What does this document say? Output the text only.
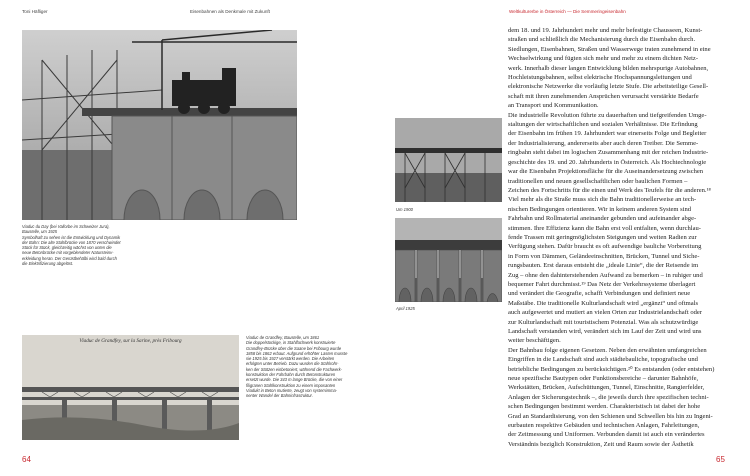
Toni Häfliger	Eisenbahnen als Denkmale mit Zukunft	Weltkulturerbe in Österreich — Die Semmeringeisenbahn
Viaduc du Day (bei Vallorbe im Schweizer Jura),
Baustelle, um 1925
Symbolhaft zu sehen ist die Entwicklung und Dynamik
der Bahn: Die alte Stahlbrücke von 1870 verschwindet
Stück für Stück, gleichzeitig wächst von unten die
neue Betonbrücke mit vorgeblendeter Natursteinv-
erkleidung heran. Der Gerüstbehälbi wird bald durch
die Elektrifizierung abgelöst.
Viaduc de Grandfey, sur la Sarine, près Fribourg
Viaduc de Grandfey, Baustelle, um 1861
Die doppelstockige, in Stahlfachwerk konstruierte
Grandfey-Brücke über die Saane bei Fribourg wurde
1858 bis 1862 erbaut. Aufgrund erhöhter Lasten musste
sie 1925 bis 1927 verstärkt werden. Die Arbeiten
erfolgten unter Betrieb. Dazu wurden die Stahlrohr-
ken der Stützen einbetoniert, während die Fachwerk-
konstruktion der Fahrbahn durch Betonstrukturen
ersetzt wurde. Die 343 m lange Brücke, die von einer
filigranen Stahlkonstruktion zu einem imposanten
Viadukt in Beton mutierte, zeugt von systemimma-
nenter Wandel der Bahninfrastruktur.
Um 1900
April 1925
dem 18. und 19. Jahrhundert mehr und mehr befestigte Chausseen, Kunst-
straßen und schließlich die Mechanisierung durch die Eisenbahn durch.
Siedlungen, Eisenbahnen, Straßen und Wasserwege traten zunehmend in eine
Wechselwirkung und fügten sich mehr und mehr zu einem dichten Netz-
werk. Innerhalb dieser langen Entwicklung bilden mehrspurige Autobahnen,
Hochleistungsbahnen, selbst elektrische Hochspannungsleitungen und
elektronische Netzwerke die vorläufig letzte Stufe. Die arbeitsteilige Gesell-
schaft mit ihren zunehmenden Ansprüchen verursacht verstärkte Bedarfe
an Transport und Kommunikation.
Die industrielle Revolution führte zu dauerhaften und tiefgreifenden Umge-
staltungen der wirtschaftlichen und sozialen Verhältnisse. Die Erfindung
der Eisenbahn im frühen 19. Jahrhundert war einerseits Folge und Begleiter
der Industrialisierung, andererseits aber auch deren Treiber. Die Semme-
ringbahn steht dabei im logischen Zusammenhang mit der reichen Industrie-
geschichte des 19. und 20. Jahrhunderts in Österreich. Als Hochtechnologie
war die Eisenbahn Projektionsfläche für die Auseinandersetzung zwischen
traditionellen und neuen gesellschaftlichen oder baulichen Formen –
Zeichen des Fortschritts für die einen und Werk des Teufels für die anderen.¹⁸
Viel mehr als die Straße muss sich die Bahn traditionellerweise an tech-
nischen Bedingungen orientieren. Wir in keinem anderen System sind
Fahrbahn und Rollmaterial aneinander gebunden und aufeinander abge-
stimmen. Ihre Effizienz kann die Bahn erst voll entfalten, wenn durchlau-
fende Trassen mit geringmöglichsten Steigungen und weiten Radien zur
Verfügung stehen. Dafür braucht es oft aufwendige bauliche Vorbereitung
in Form von Dämmen, Geländeeinschnitten, Brücken, Tunnel und Siche-
rungsbauten. Erst daraus entsteht die „ideale Linie“, die der Reisende im
Zug – ohne den dahinterstehenden Aufwand zu bemerken – in ruhiger und
bequemer Fahrt durchmisst.¹⁹ Das Netz der Verkehrssysteme überlagert
und verändert die Geografie, schafft Verbindungen und definiert neue
Maßstäbe. Die traditionelle Kulturlandschaft wird „ergänzt“ und oftmals
auch aufgewertet und mutiert an vielen Orten zur Industrielandschaft oder
zur Kulturlandschaft mit touristischem Potenzial. Was als schutzwürdige
Landschaft verstanden wird, verändert sich im Lauf der Zeit und wird uns
weiter beschäftigen.
Der Bahnbau folge eigenen Gesetzen. Neben den erwähnten umfangreichen
Eingriffen in die Landschaft sind auch städtebauliche, topografische und
betriebliche Bedingungen zu berücksichtigen.²⁰ Es entstanden (oder entstehen)
neue spezifische Bautypen oder Funktionsbereiche – darunter Bahnhöfe,
Werkstätten, Brücken, Aufschüttungen, Tunnel, Einschnitte, Rangierfelder,
Anlagen der Sicherungstechnik –, die jeweils durch ihre spezifischen techni-
schen Bedingungen bestimmt werden. Charakteristisch ist dabei der hohe
Grad an Standardisierung, von den Schienen und Schwellen bis hin zu Ingeni-
eurbauten respektive Gebäuden und technischen Anlagen, Fahrleitungen,
der Zeitmessung und Uniformen. Verbunden damit ist auch ein verändertes
Verständnis beziglich Konstruktion, Zeit und Raum sowie der Ästhetik
64	65
